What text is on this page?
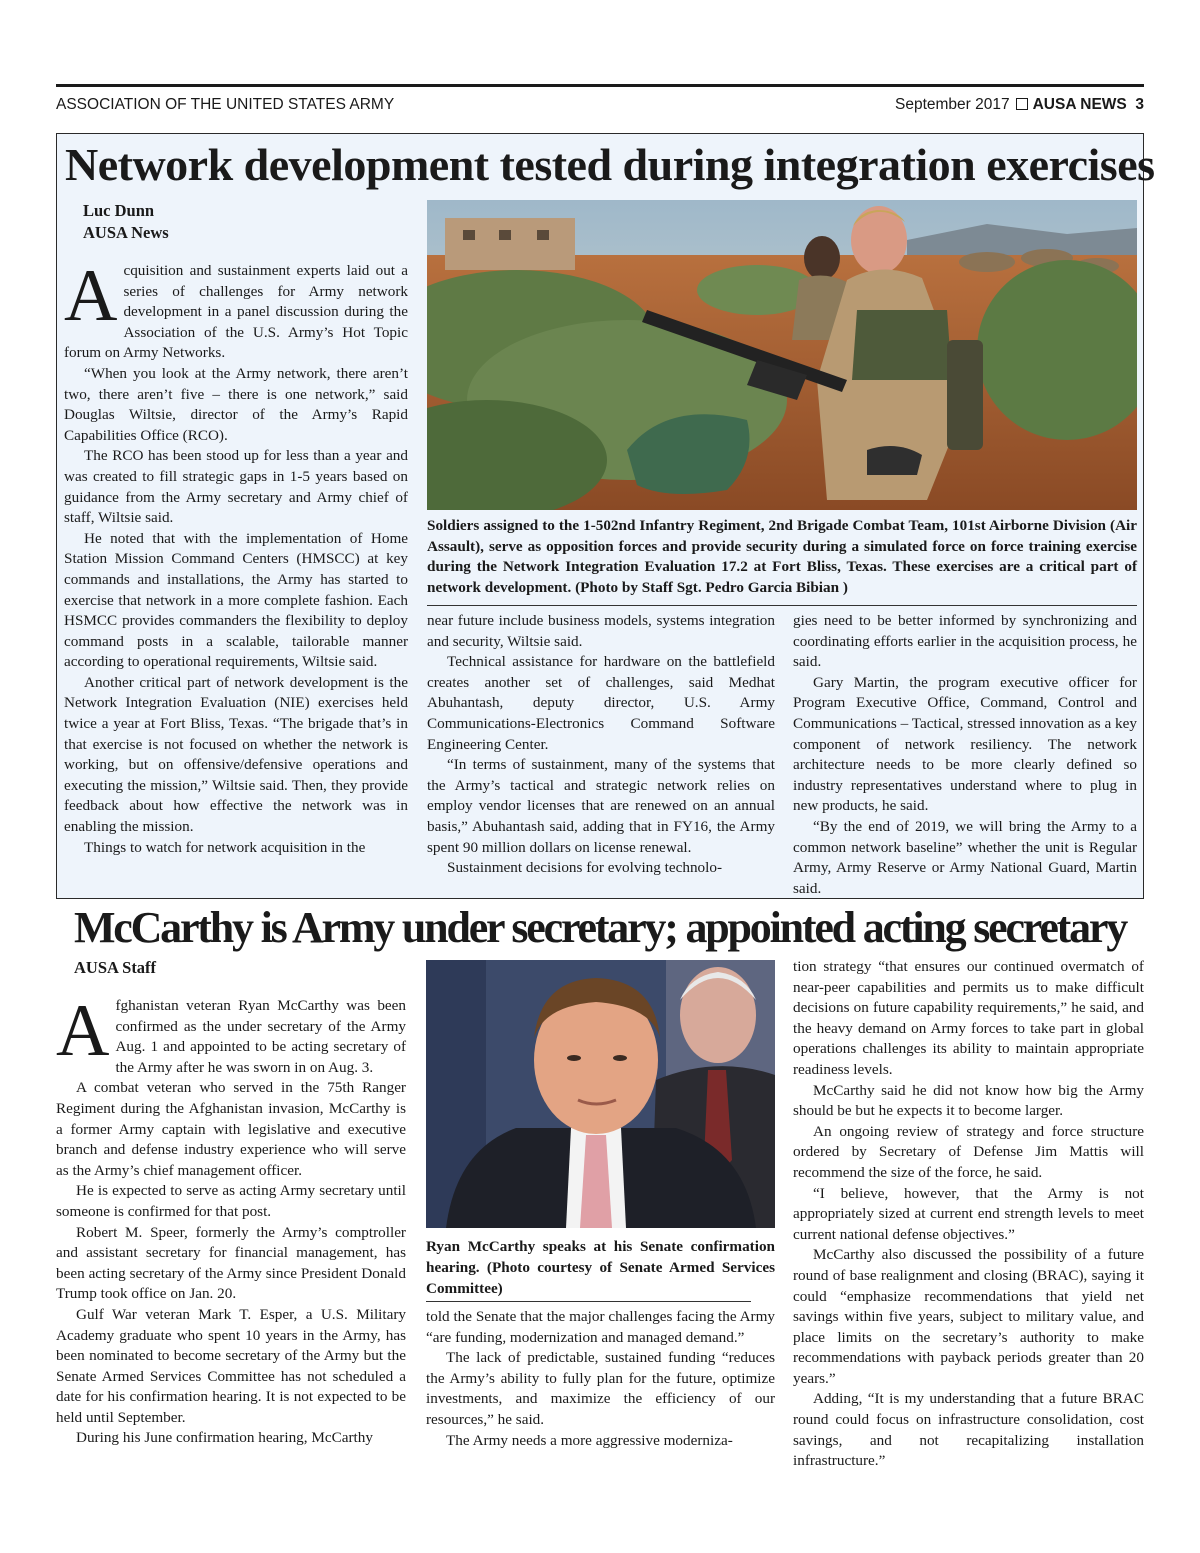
ASSOCIATION OF THE UNITED STATES ARMY	September 2017 AUSA NEWS 3
Network development tested during integration exercises
Luc Dunn
AUSA News

Acquisition and sustainment experts laid out a series of challenges for Army network development in a panel discussion during the Association of the U.S. Army’s Hot Topic forum on Army Networks.

“When you look at the Army network, there aren’t two, there aren’t five – there is one network,” said Douglas Wiltsie, director of the Army’s Rapid Capabilities Office (RCO).

The RCO has been stood up for less than a year and was created to fill strategic gaps in 1-5 years based on guidance from the Army secretary and Army chief of staff, Wiltsie said.

He noted that with the implementation of Home Station Mission Command Centers (HMSCC) at key commands and installations, the Army has started to exercise that network in a more complete fashion. Each HSMCC provides commanders the flexibility to deploy command posts in a scalable, tailorable manner according to operational requirements, Wiltsie said.

Another critical part of network development is the Network Integration Evaluation (NIE) exercises held twice a year at Fort Bliss, Texas. “The brigade that’s in that exercise is not focused on whether the network is working, but on offensive/defensive operations and executing the mission,” Wiltsie said. Then, they provide feedback about how effective the network was in enabling the mission.

Things to watch for network acquisition in the

Soldiers assigned to the 1-502nd Infantry Regiment, 2nd Brigade Combat Team, 101st Airborne Division (Air Assault), serve as opposition forces and provide security during a simulated force on force training exercise during the Network Integration Evaluation 17.2 at Fort Bliss, Texas. These exercises are a critical part of network development. (Photo by Staff Sgt. Pedro Garcia Bibian )

near future include business models, systems integration and security, Wiltsie said.

Technical assistance for hardware on the battlefield creates another set of challenges, said Medhat Abuhantash, deputy director, U.S. Army Communications-Electronics Command Software Engineering Center.

“In terms of sustainment, many of the systems that the Army’s tactical and strategic network relies on employ vendor licenses that are renewed on an annual basis,” Abuhantash said, adding that in FY16, the Army spent 90 million dollars on license renewal.

Sustainment decisions for evolving technolo-

gies need to be better informed by synchronizing and coordinating efforts earlier in the acquisition process, he said.

Gary Martin, the program executive officer for Program Executive Office, Command, Control and Communications – Tactical, stressed innovation as a key component of network resiliency. The network architecture needs to be more clearly defined so industry representatives understand where to plug in new products, he said.

“By the end of 2019, we will bring the Army to a common network baseline” whether the unit is Regular Army, Army Reserve or Army National Guard, Martin said.

McCarthy is Army under secretary; appointed acting secretary
AUSA Staff

Afghanistan veteran Ryan McCarthy was been confirmed as the under secretary of the Army Aug. 1 and appointed to be acting secretary of the Army after he was sworn in on Aug. 3.

A combat veteran who served in the 75th Ranger Regiment during the Afghanistan invasion, McCarthy is a former Army captain with legislative and executive branch and defense industry experience who will serve as the Army’s chief management officer.

He is expected to serve as acting Army secretary until someone is confirmed for that post.

Robert M. Speer, formerly the Army’s comptroller and assistant secretary for financial management, has been acting secretary of the Army since President Donald Trump took office on Jan. 20.

Gulf War veteran Mark T. Esper, a U.S. Military Academy graduate who spent 10 years in the Army, has been nominated to become secretary of the Army but the Senate Armed Services Committee has not scheduled a date for his confirmation hearing. It is not expected to be held until September.

During his June confirmation hearing, McCarthy

Ryan McCarthy speaks at his Senate confirmation hearing. (Photo courtesy of Senate Armed Services Committee)

told the Senate that the major challenges facing the Army “are funding, modernization and managed demand.”

The lack of predictable, sustained funding “reduces the Army’s ability to fully plan for the future, optimize investments, and maximize the efficiency of our resources,” he said.

The Army needs a more aggressive moderniza-

tion strategy “that ensures our continued overmatch of near-peer capabilities and permits us to make difficult decisions on future capability requirements,” he said, and the heavy demand on Army forces to take part in global operations challenges its ability to maintain appropriate readiness levels.

McCarthy said he did not know how big the Army should be but he expects it to become larger.

An ongoing review of strategy and force structure ordered by Secretary of Defense Jim Mattis will recommend the size of the force, he said.

“I believe, however, that the Army is not appropriately sized at current end strength levels to meet current national defense objectives.”

McCarthy also discussed the possibility of a future round of base realignment and closing (BRAC), saying it could “emphasize recommendations that yield net savings within five years, subject to military value, and place limits on the secretary’s authority to make recommendations with payback periods greater than 20 years.”

Adding, “It is my understanding that a future BRAC round could focus on infrastructure consolidation, cost savings, and not recapitalizing installation infrastructure.”
